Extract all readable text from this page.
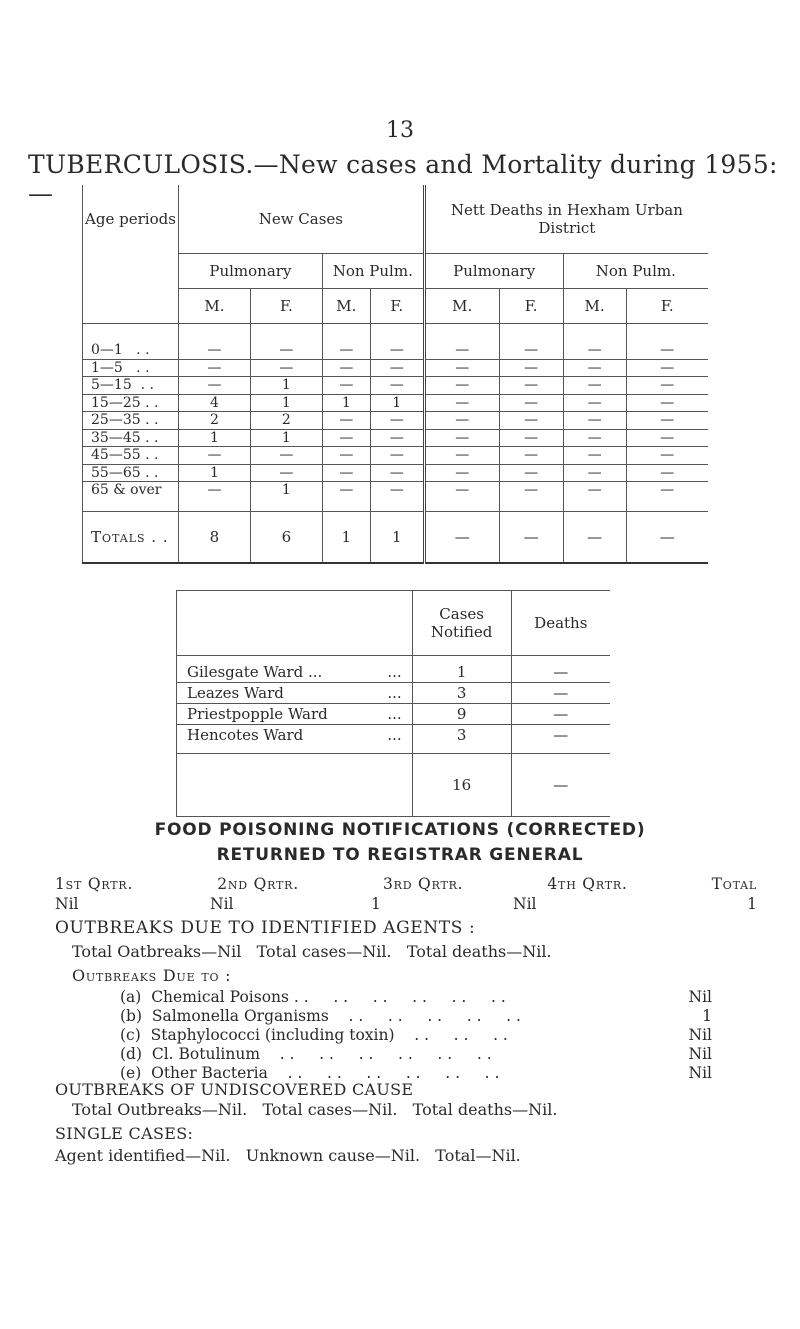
13
TUBERCULOSIS.—New cases and Mortality during 1955:—
Age periods	New Cases				Nett Deaths in Hexham Urban District			
	Pulmonary		Non Pulm.		Pulmonary		Non Pulm.	
	M.	F.	M.	F.	M.	F.	M.	F.
0—1   . .	—	—	—	—	—	—	—	—
1—5   . .	—	—	—	—	—	—	—	—
5—15  . .	—	1	—	—	—	—	—	—
15—25 . .	4	1	1	1	—	—	—	—
25—35 . .	2	2	—	—	—	—	—	—
35—45 . .	1	1	—	—	—	—	—	—
45—55 . .	—	—	—	—	—	—	—	—
55—65 . .	1	—	—	—	—	—	—	—
65 & over	—	1	—	—	—	—	—	—
Totals . .	8	6	1	1	—	—	—	—
	Cases Notified	Deaths
Gilesgate Ward ... ...	1	—
Leazes Ward ...	3	—
Priestpopple Ward ...	9	—
Hencotes Ward ...	3	—
	16	—
FOOD POISONING NOTIFICATIONS (CORRECTED)
RETURNED TO REGISTRAR GENERAL
1st Qrtr.	2nd Qrtr.	3rd Qrtr.	4th Qrtr.	Total
Nil	Nil	1	Nil	1
OUTBREAKS DUE TO IDENTIFIED AGENTS :
Total Oatbreaks—Nil   Total cases—Nil.   Total deaths—Nil.
Outbreaks Due to :
(a)  Chemical Poisons . .     . .     . .     . .     . .     . .	Nil
(b)  Salmonella Organisms    . .     . .     . .     . .     . .	1
(c)  Staphylococci (including toxin)    . .     . .     . .	Nil
(d)  Cl. Botulinum    . .     . .     . .     . .     . .     . .	Nil
(e)  Other Bacteria    . .     . .     . .     . .     . .     . .	Nil
OUTBREAKS OF UNDISCOVERED CAUSE
Total Outbreaks—Nil.   Total cases—Nil.   Total deaths—Nil.
SINGLE CASES:
Agent identified—Nil.   Unknown cause—Nil.   Total—Nil.
